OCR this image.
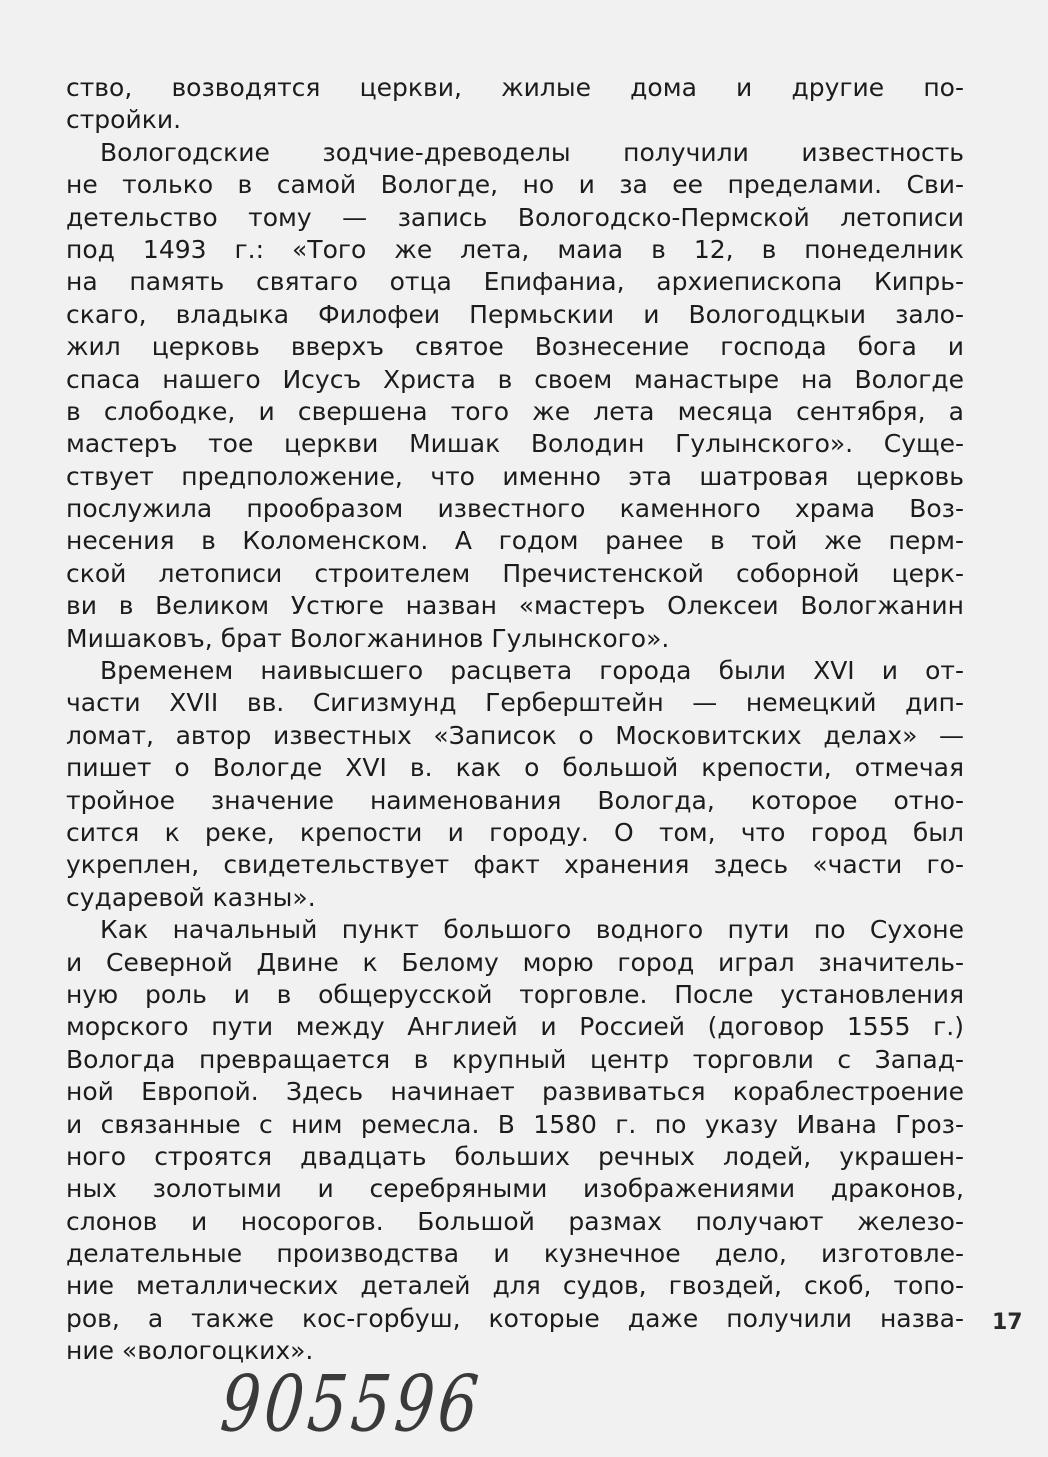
ство, возводятся церкви, жилые дома и другие по-
стройки.
Вологодские зодчие-древоделы получили известность
не только в самой Вологде, но и за ее пределами. Сви-
детельство тому — запись Вологодско-Пермской летописи
под 1493 г.: «Того же лета, маиа в 12, в понеделник
на память святаго отца Епифаниа, архиепископа Кипрь-
скаго, владыка Филофеи Пермьскии и Вологодцкыи зало-
жил церковь вверхъ святое Вознесение господа бога и
спаса нашего Исусъ Христа в своем манастыре на Вологде
в слободке, и свершена того же лета месяца сентября, а
мастеръ тое церкви Мишак Володин Гулынского». Суще-
ствует предположение, что именно эта шатровая церковь
послужила прообразом известного каменного храма Воз-
несения в Коломенском. А годом ранее в той же перм-
ской летописи строителем Пречистенской соборной церк-
ви в Великом Устюге назван «мастеръ Олексеи Вологжанин
Мишаковъ, брат Вологжанинов Гулынского».
Временем наивысшего расцвета города были XVI и от-
части XVII вв. Сигизмунд Герберштейн — немецкий дип-
ломат, автор известных «Записок о Московитских делах» —
пишет о Вологде XVI в. как о большой крепости, отмечая
тройное значение наименования Вологда, которое отно-
сится к реке, крепости и городу. О том, что город был
укреплен, свидетельствует факт хранения здесь «части го-
сударевой казны».
Как начальный пункт большого водного пути по Сухоне
и Северной Двине к Белому морю город играл значитель-
ную роль и в общерусской торговле. После установления
морского пути между Англией и Россией (договор 1555 г.)
Вологда превращается в крупный центр торговли с Запад-
ной Европой. Здесь начинает развиваться кораблестроение
и связанные с ним ремесла. В 1580 г. по указу Ивана Гроз-
ного строятся двадцать больших речных лодей, украшен-
ных золотыми и серебряными изображениями драконов,
слонов и носорогов. Большой размах получают железо-
делательные производства и кузнечное дело, изготовле-
ние металлических деталей для судов, гвоздей, скоб, топо-
ров, а также кос-горбуш, которые даже получили назва-
ние «вологоцких».
17
905596
